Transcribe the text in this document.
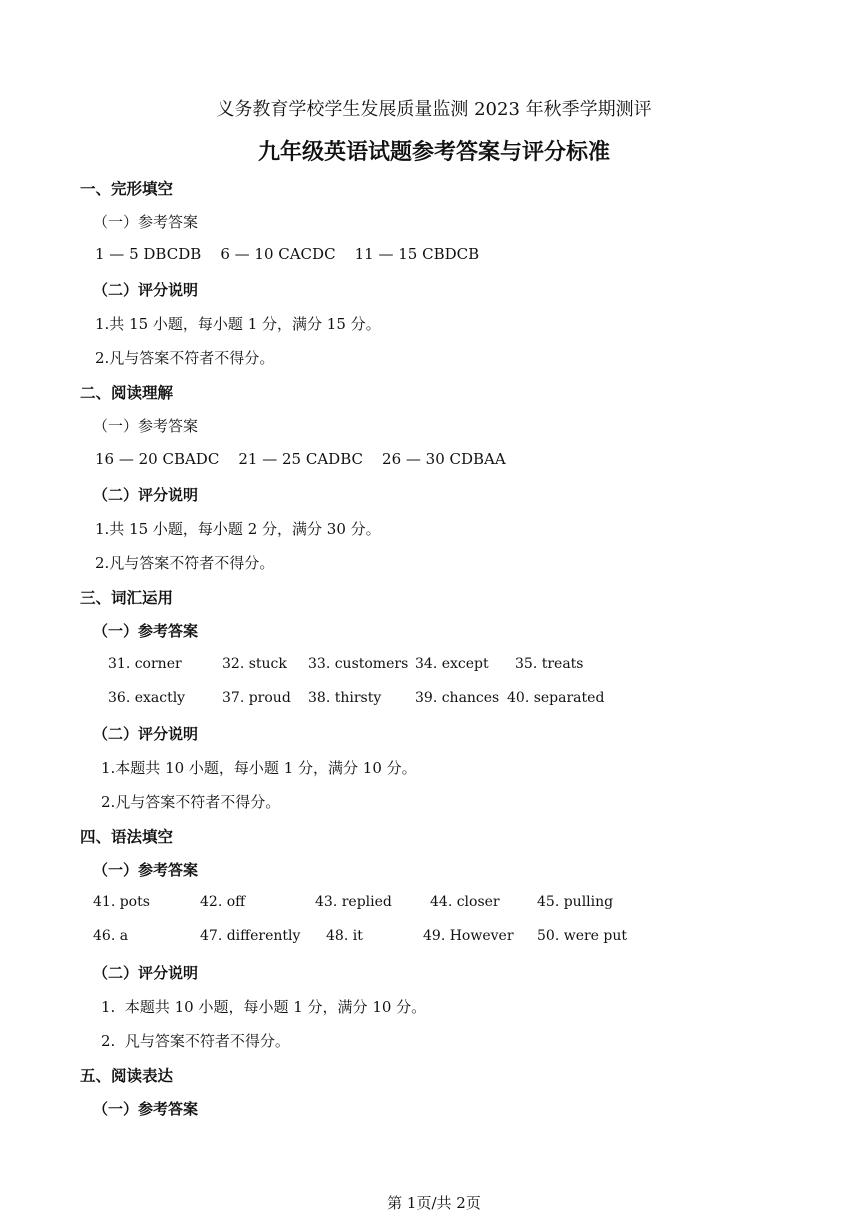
义务教育学校学生发展质量监测 2023 年秋季学期测评
九年级英语试题参考答案与评分标准
一、完形填空
（一）参考答案
1 — 5 DBCDB    6 — 10 CACDC    11 — 15 CBDCB
（二）评分说明
1.共 15 小题，每小题 1 分，满分 15 分。
2.凡与答案不符者不得分。
二、阅读理解
（一）参考答案
16 — 20 CBADC    21 — 25 CADBC    26 — 30 CDBAA
（二）评分说明
1.共 15 小题，每小题 2 分，满分 30 分。
2.凡与答案不符者不得分。
三、词汇运用
（一）参考答案
31. corner	32. stuck 33. customers 34. except 35. treats
36. exactly	37. proud 38. thirsty 39. chances 40. separated
（二）评分说明
1.本题共 10 小题，每小题 1 分，满分 10 分。
2.凡与答案不符者不得分。
四、语法填空
（一）参考答案
41. pots	42. off	43. replied	44. closer	45. pulling
46. a	47. differently 48. it	49. However 50. were put
（二）评分说明
1.  本题共 10 小题，每小题 1 分，满分 10 分。
2.  凡与答案不符者不得分。
五、阅读表达
（一）参考答案
第 1页/共 2页
